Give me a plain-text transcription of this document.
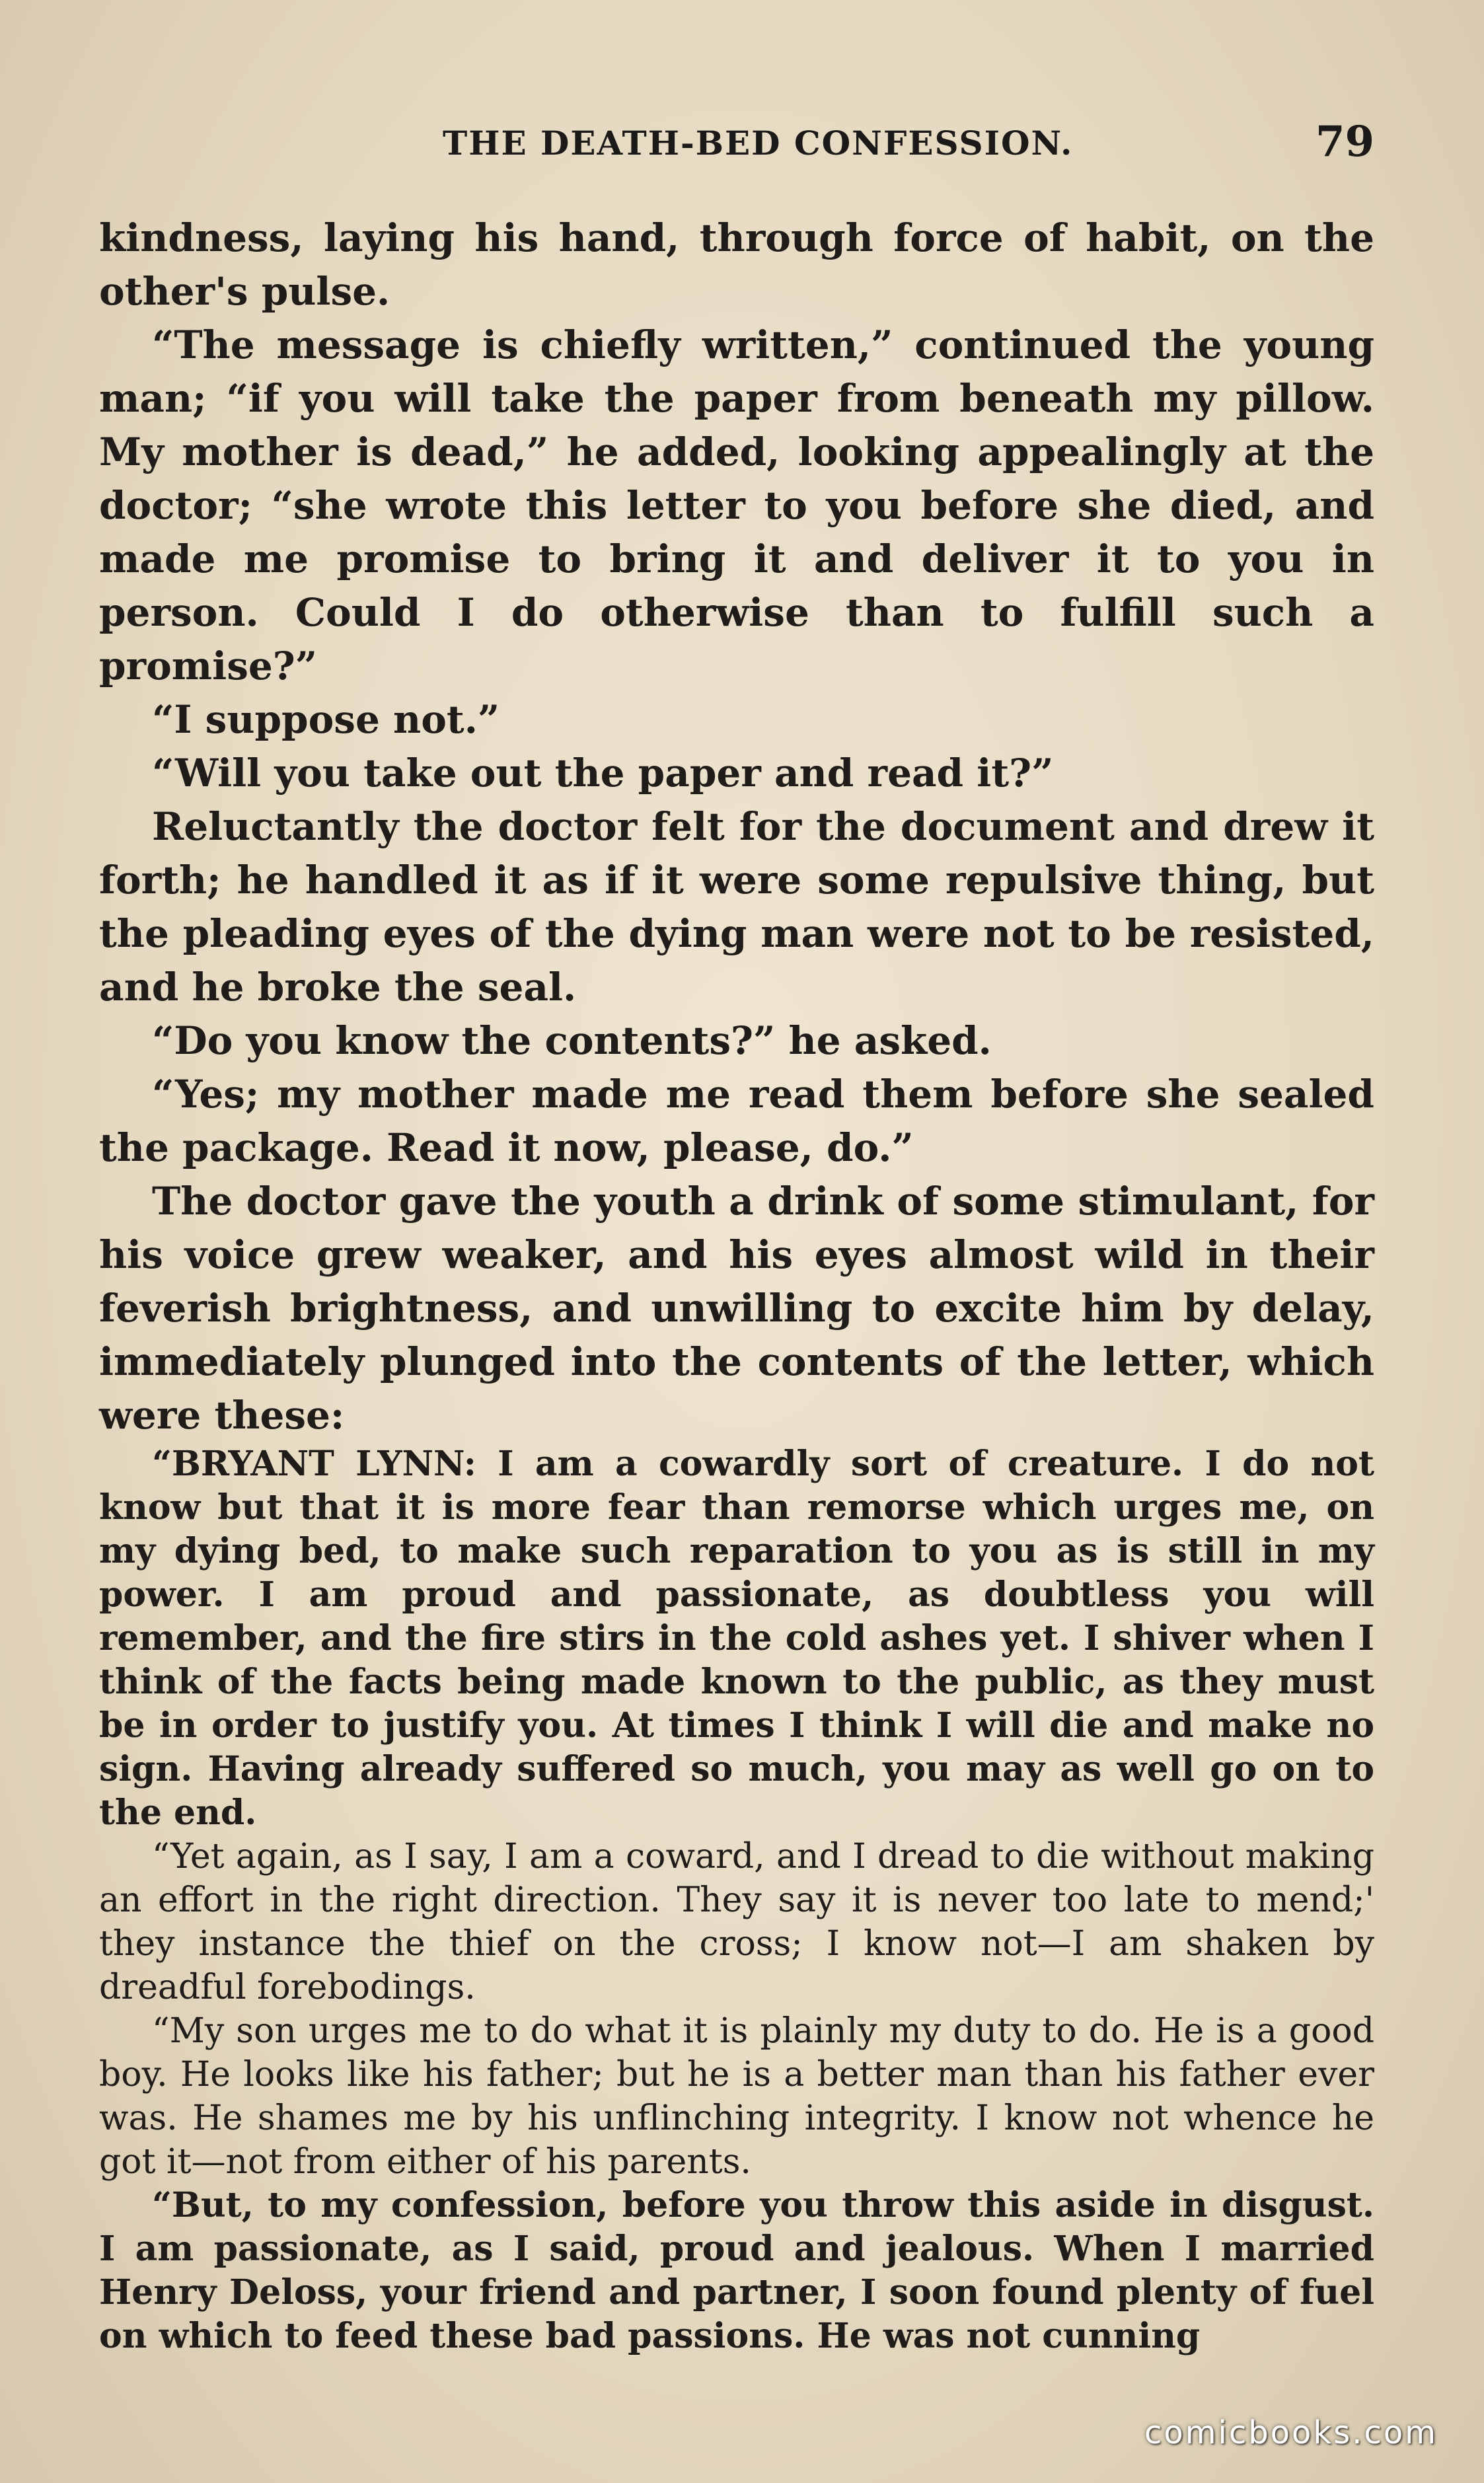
THE DEATH-BED CONFESSION.	79

kindness, laying his hand, through force of habit, on the other's pulse.

“The message is chiefly written,” continued the young man; “if you will take the paper from beneath my pillow. My mother is dead,” he added, looking appealingly at the doctor; “she wrote this letter to you before she died, and made me promise to bring it and deliver it to you in person. Could I do otherwise than to fulfill such a promise?”

“I suppose not.”

“Will you take out the paper and read it?”

Reluctantly the doctor felt for the document and drew it forth; he handled it as if it were some repulsive thing, but the pleading eyes of the dying man were not to be resisted, and he broke the seal.

“Do you know the contents?” he asked.

“Yes; my mother made me read them before she sealed the package. Read it now, please, do.”

The doctor gave the youth a drink of some stimulant, for his voice grew weaker, and his eyes almost wild in their feverish brightness, and unwilling to excite him by delay, immediately plunged into the contents of the letter, which were these:

“BRYANT LYNN: I am a cowardly sort of creature. I do not know but that it is more fear than remorse which urges me, on my dying bed, to make such reparation to you as is still in my power. I am proud and passionate, as doubtless you will remember, and the fire stirs in the cold ashes yet. I shiver when I think of the facts being made known to the public, as they must be in order to justify you. At times I think I will die and make no sign. Having already suffered so much, you may as well go on to the end.

“Yet again, as I say, I am a coward, and I dread to die without making an effort in the right direction. They say it is never too late to mend;' they instance the thief on the cross; I know not—I am shaken by dreadful forebodings.

“My son urges me to do what it is plainly my duty to do. He is a good boy. He looks like his father; but he is a better man than his father ever was. He shames me by his unflinching integrity. I know not whence he got it—not from either of his parents.

“But, to my confession, before you throw this aside in disgust. I am passionate, as I said, proud and jealous. When I married Henry Deloss, your friend and partner, I soon found plenty of fuel on which to feed these bad passions. He was not cunning

comicbooks.com
